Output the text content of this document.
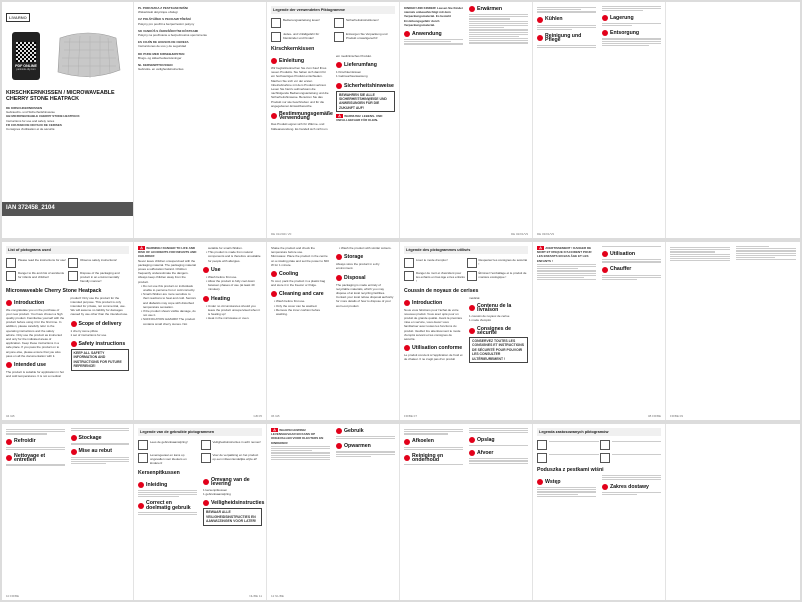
LIVARNO
PDF ONLINE
parkside-diy.com
KIRSCHKERNKISSEN / MICROWAVEABLE CHERRY STONE HEATPACK
DE KIRSCHKERNKISSEN
Gebrauchs- und Sicherheitshinweise
GB MICROWAVEABLE CHERRY STONE HEATPACK
Instructions for use and safety notes
FR COUSSIN DE NOYAUX DE CERISES
Consignes d'utilisation et de sécurité
IAN 372458_2104
PL PODUSZKA Z PESTKAMI WIŚNI
Wskazówki dotyczące obsługi
CZ POLŠTÁŘEK S PECKAMI TŘEŠNÍ
Pokyny pro použití a bezpečnostní pokyny
SK VANKÚŠ S ČEREŠŇOVÝMI KÔSTKAMI
Pokyny na používanie a bezpečnostné upozornenia
ES COJÍN DE HUESOS DE CEREZA
Instrucciones de uso y de seguridad
DK PUDE MED KIRSEBÆRSTEN
Brugs- og sikkerhedsanvisninger
NL KERSENPITKUSSEN
Gebruiks- en veiligheidsinstructies
Legende der verwendeten Piktogramme
Bedienungsanleitung lesen!	Sicherheitsinstruktionen!
Jedes- und Unfallgefahr für Kleinkinder und Kinder!
Entsorgen Sie Verpackung und Produkt umweltgerecht!
Kirschkernkissen
Einleitung
Wir beglückwünschen Sie zum Kauf Ihres neuen Produkts. Sie haben sich damit für ein hochwertiges Produkt entschieden. Machen Sie sich vor der ersten Inbetriebnahme mit dem Produkt vertraut. Lesen Sie hierzu aufmerksam die nachfolgende Bedienungsanleitung und die Sicherheitshinweise. Benutzen Sie das Produkt nur wie beschrieben und für die angegebenen Einsatzbereiche.
Bestimmungsgemäße Verwendung
Das Produkt eignet sich für Wärme- und Kälteanwendung. Es handelt sich nicht um ein medizinisches Produkt.
Lieferumfang
1 Kirschkernkissen
1 Gebrauchsanweisung
Sicherheitshinweise
BEWAHREN SIE ALLE SICHERHEITSHINWEISE UND ANWEISUNGEN FÜR DIE ZUKUNFT AUF!
⚠ WARNUNG! LEBENS- UND UNFALLGEFAHR FÜR KLEIN-
DE 01/2021 V0
KINDER UND KINDER! Lassen Sie Kinder niemals unbeaufsichtigt mit dem Verpackungsmaterial. Es besteht Erstickungsgefahr durch Verpackungsmaterial.
Anwendung
Erwärmen
DE 02/01/V9
Kühlen
Reinigung und Pflege
Lagerung
Entsorgung
DE 03/01/V9
List of pictograms used
Please read the instructions for use!	Observe safety instructions!
Danger to life and risk of accidents for infants and children!
Dispose of the packaging and product in an environmentally friendly manner!
Microwaveable Cherry Stone Heatpack
Introduction
We congratulate you on the purchase of your new product. You have chosen a high quality product. Familiarise yourself with the product before using it for the first time. In addition, please carefully refer to the operating instructions and the safety advice. Only use the product as instructed and only for the indicated areas of application. Keep these instructions in a safe place. If you pass the product on to anyone else, please ensure that you also pass on all the documentation with it.
Intended use
The product is suitable for application in hot and cold temperatures. It is not a medical product! Only use the product for the intended purpose. This product is only intended for private, not commercial, use. We will assume no liability for damages caused by use other than the intended use.
Scope of delivery
1 cherry stone pillow
1 set of instructions for use
Safety instructions
KEEP ALL SAFETY INFORMATION AND INSTRUCTIONS FOR FUTURE REFERENCE!
04 GB
⚠ WARNING! DANGER TO LIFE AND RISK OF ACCIDENTS FOR INFANTS AND CHILDREN!
Never leave children unsupervised with the packaging material. The packaging material poses a suffocation hazard. Children frequently underestimate the dangers. Always keep children away from the product.
▪ Do not use this product on individuals unable to perceive hot or cold correctly.
▪ Small children are more sensitive to their reactions to heat and cold. Seniors and diabetics may cope with disturbed temperature sensation.
▪ If the product shows visible damage, do not use it.
▪ SUFFOCATION HAZARD! The product contains small cherry stones. Not suitable for small children.
▪ This product is made from natural components and is therefore unsuitable for people with allergies.
Use
▪ Wash before first use.
▪ Allow the product to fully cool down between phases of use (at least 40 minutes).
Heating
▪ Under no circumstances should you leave the product unsupervised when it is heating up!
▪ Heat in the microwave or oven.
GB 05
Shake the product and check the temperature before use.
Microwave: Place the product in the centre on a rotating plate and set the power to 600 W for 1 minute.
Cooling
To cool, pack the product in a plastic bag and store it in the freezer or fridge.
Cleaning and care
▪ Wash before first use.
▪ Only the cover can be washed.
▪ Remove the inner cushion before washing.
▪ Wash the product with similar colours.
Storage
Always store the product in a dry environment.
Disposal
The packaging is made entirely of recyclable materials, which you may dispose of at local recycling facilities. Contact your local refuse disposal authority for more details of how to dispose of your worn-out product.
06 GB
Légende des pictogrammes utilisés
Lisez le mode d'emploi !	Respectez les consignes de sécurité !
Danger de mort et d'accident pour les enfants en bas âge et les enfants !
Éliminez l'emballage et le produit de manière écologique !
Coussin de noyaux de cerises
Introduction
Nous vous félicitons pour l'achat de votre nouveau produit. Vous avez opté pour un produit de grande qualité. Avant la première mise en service, vous devez vous familiariser avec toutes les fonctions du produit. Veuillez lire attentivement le mode d'emploi suivant et les consignes de sécurité.
Utilisation conforme
Le produit convient à l'application de froid et de chaleur. Il ne s'agit pas d'un produit médical.
Contenu de la livraison
1 coussin de noyaux de cerise
1 mode d'emploi
Consignes de sécurité
CONSERVEZ TOUTES LES CONSIGNES ET INSTRUCTIONS DE SÉCURITÉ POUR POUVOIR LES CONSULTER ULTÉRIEUREMENT !
FR/BE 07
⚠ AVERTISSEMENT ! DANGER DE MORT ET RISQUE D'ACCIDENT POUR LES ENFANTS EN BAS ÂGE ET LES ENFANTS !
Utilisation
Chauffer
08 FR/BE	FR/BE 09
Refroidir
Nettoyage et entretien
Stockage
Mise au rebut
10 FR/BE
Legende van de gebruikte pictogrammen
Lees de gebruiksaanwijzing!	Veiligheidsinstructies in acht nemen!
Levensgevaar en kans op ongevallen voor kleuters en kinderen!
Voer de verpakking en het product op een milieuvriendelijke wijze af!
Kersenpitkussen
Inleiding
Correct en doelmatig gebruik
Omvang van de levering
1 kersenpitkussen
1 gebruiksaanwijzing
Veiligheidsinstructies
BEWAAR ALLE VEILIGHEIDSINSTRUCTIES EN AANWIJZINGEN VOOR LATER!
NL/BE 11
⚠ WAARSCHUWING! LEVENSGEVAAR EN KANS OP ONGEVALLEN VOOR KLEUTERS EN KINDEREN!
Gebruik
Opwarmen
12 NL/BE
Afkoelen
Reiniging en onderhoud
Opslag
Afvoer
Legenda zastosowanych piktogramów
Poduszka z pestkami wiśni
Wstęp
Zakres dostawy
